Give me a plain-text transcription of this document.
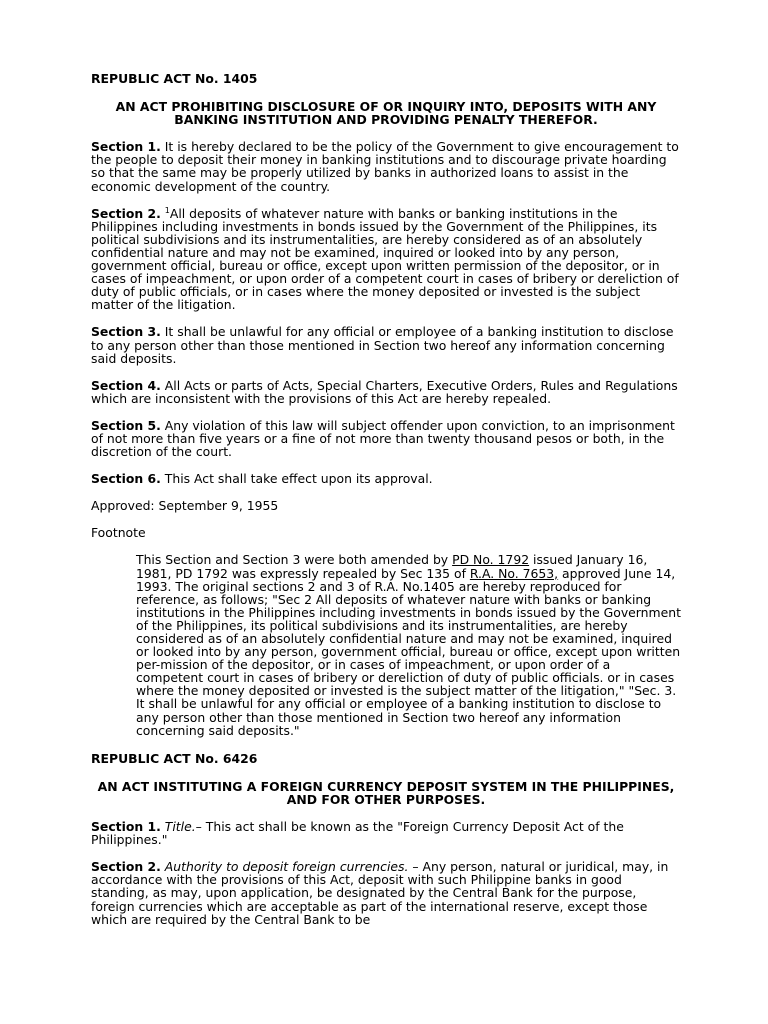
REPUBLIC ACT No. 1405
AN ACT PROHIBITING DISCLOSURE OF OR INQUIRY INTO, DEPOSITS WITH ANY BANKING INSTITUTION AND PROVIDING PENALTY THEREFOR.

Section 1. It is hereby declared to be the policy of the Government to give encouragement to the people to deposit their money in banking institutions and to discourage private hoarding so that the same may be properly utilized by banks in authorized loans to assist in the economic development of the country.

Section 2. $^1$All deposits of whatever nature with banks or banking institutions in the Philippines including investments in bonds issued by the Government of the Philippines, its political subdivisions and its instrumentalities, are hereby considered as of an absolutely confidential nature and may not be examined, inquired or looked into by any person, government official, bureau or office, except upon written permission of the depositor, or in cases of impeachment, or upon order of a competent court in cases of bribery or dereliction of duty of public officials, or in cases where the money deposited or invested is the subject matter of the litigation.

Section 3. It shall be unlawful for any official or employee of a banking institution to disclose to any person other than those mentioned in Section two hereof any information concerning said deposits.

Section 4. All Acts or parts of Acts, Special Charters, Executive Orders, Rules and Regulations which are inconsistent with the provisions of this Act are hereby repealed.

Section 5. Any violation of this law will subject offender upon conviction, to an imprisonment of not more than five years or a fine of not more than twenty thousand pesos or both, in the discretion of the court.

Section 6. This Act shall take effect upon its approval.

Approved: September 9, 1955

Footnote

This Section and Section 3 were both amended by PD No. 1792 issued January 16, 1981, PD 1792 was expressly repealed by Sec 135 of R.A. No. 7653, approved June 14, 1993. The original sections 2 and 3 of R.A. No.1405 are hereby reproduced for reference, as follows; "Sec 2 All deposits of whatever nature with banks or banking institutions in the Philippines including investments in bonds issued by the Government of the Philippines, its political subdivisions and its instrumentalities, are hereby considered as of an absolutely confidential nature and may not be examined, inquired or looked into by any person, government official, bureau or office, except upon written per-mission of the depositor, or in cases of impeachment, or upon order of a competent court in cases of bribery or dereliction of duty of public officials. or in cases where the money deposited or invested is the subject matter of the litigation," "Sec. 3. It shall be unlawful for any official or employee of a banking institution to disclose to any person other than those mentioned in Section two hereof any information concerning said deposits."
REPUBLIC ACT No. 6426
AN ACT INSTITUTING A FOREIGN CURRENCY DEPOSIT SYSTEM IN THE PHILIPPINES, AND FOR OTHER PURPOSES.

Section 1. Title.– This act shall be known as the "Foreign Currency Deposit Act of the Philippines."

Section 2. Authority to deposit foreign currencies. – Any person, natural or juridical, may, in accordance with the provisions of this Act, deposit with such Philippine banks in good standing, as may, upon application, be designated by the Central Bank for the purpose, foreign currencies which are acceptable as part of the international reserve, except those which are required by the Central Bank to be
